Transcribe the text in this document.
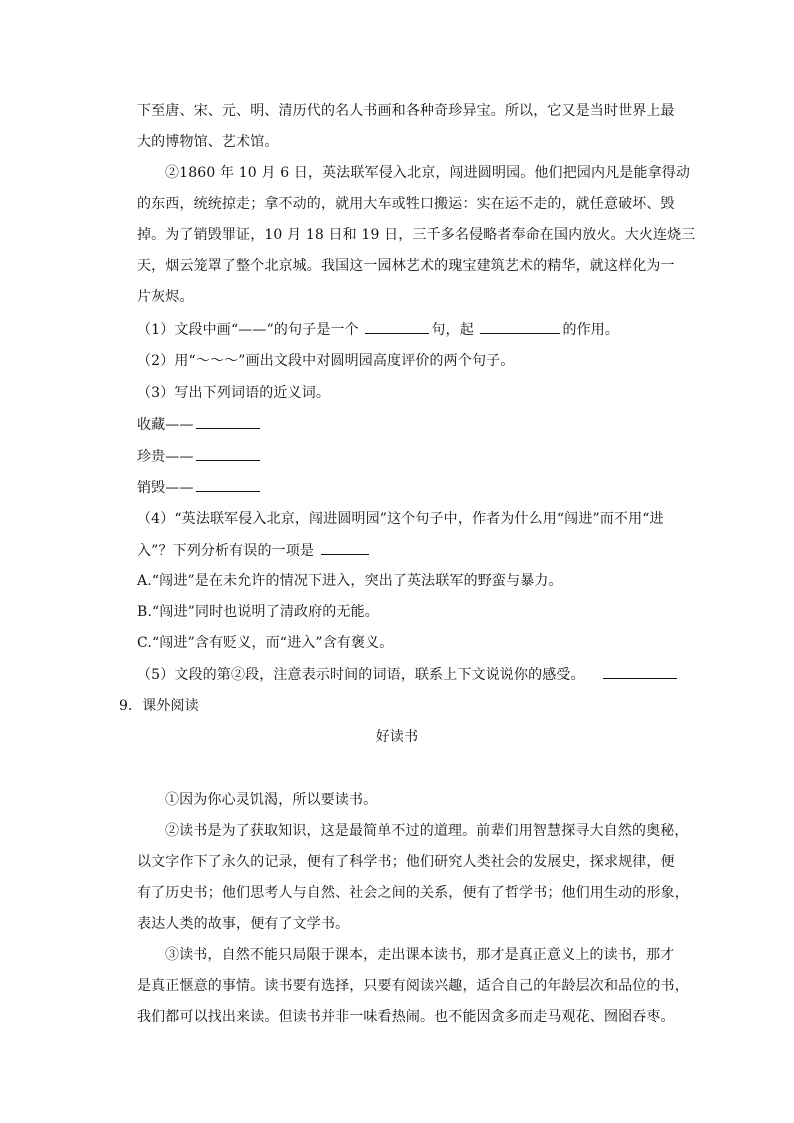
下至唐、宋、元、明、清历代的名人书画和各种奇珍异宝。所以，它又是当时世界上最
大的博物馆、艺术馆。
②1860 年 10 月 6 日，英法联军侵入北京，闯进圆明园。他们把园内凡是能拿得动
的东西，统统掠走；拿不动的，就用大车或牲口搬运：实在运不走的，就任意破坏、毁
掉。为了销毁罪证，10 月 18 日和 19 日，三千多名侵略者奉命在国内放火。大火连烧三
天，烟云笼罩了整个北京城。我国这一园林艺术的瑰宝建筑艺术的精华，就这样化为一
片灰烬。
（1）文段中画“——”的句子是一个	句，起	的作用。
（2）用“～～～”画出文段中对圆明园高度评价的两个句子。
（3）写出下列词语的近义词。
收藏——
珍贵——
销毁——
（4）“英法联军侵入北京，闯进圆明园”这个句子中，作者为什么用“闯进”而不用“进
入”？下列分析有误的一项是
A.“闯进”是在未允许的情况下进入，突出了英法联军的野蛮与暴力。
B.“闯进”同时也说明了清政府的无能。
C.“闯进”含有贬义，而“进入”含有褒义。
（5）文段的第②段，注意表示时间的词语，联系上下文说说你的感受。
9．课外阅读
好读书
①因为你心灵饥渴，所以要读书。
②读书是为了获取知识，这是最简单不过的道理。前辈们用智慧探寻大自然的奥秘，
以文字作下了永久的记录，便有了科学书；他们研究人类社会的发展史，探求规律，便
有了历史书；他们思考人与自然、社会之间的关系，便有了哲学书；他们用生动的形象，
表达人类的故事，便有了文学书。
③读书，自然不能只局限于课本，走出课本读书，那才是真正意义上的读书，那才
是真正惬意的事情。读书要有选择，只要有阅读兴趣，适合自己的年龄层次和品位的书，
我们都可以找出来读。但读书并非一味看热闹。也不能因贪多而走马观花、囫囵吞枣。
